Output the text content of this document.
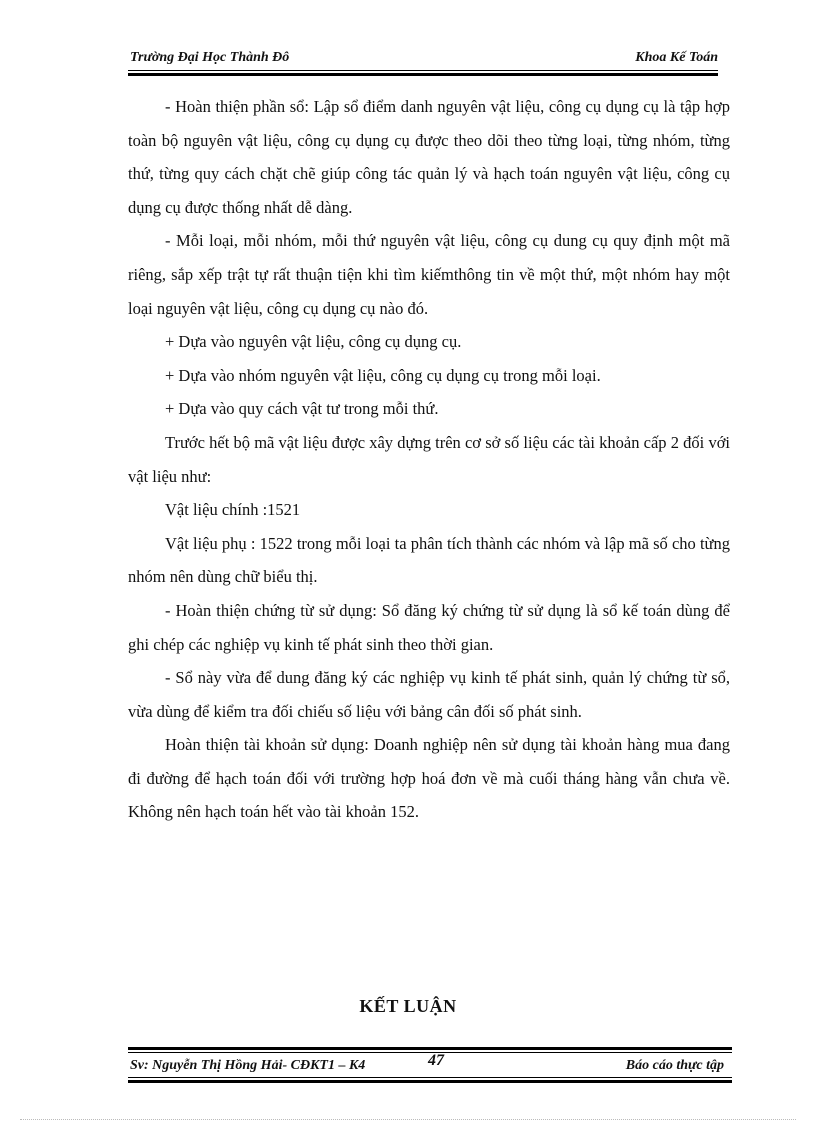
Trường Đại Học Thành Đô	Khoa Kế Toán

- Hoàn thiện phần sổ: Lập sổ điểm danh nguyên vật liệu, công cụ dụng cụ là tập hợp toàn bộ nguyên vật liệu, công cụ dụng cụ được theo dõi theo từng loại, từng nhóm, từng thứ, từng quy cách chặt chẽ giúp công tác quản lý và hạch toán nguyên vật liệu, công cụ dụng cụ được thống nhất dễ dàng.

- Mỗi loại, mỗi nhóm, mỗi thứ nguyên vật liệu, công cụ dung cụ quy định một mã riêng, sắp xếp trật tự rất thuận tiện khi tìm kiếmthông tin về một thứ, một nhóm hay một loại nguyên vật liệu, công cụ dụng cụ nào đó.

+ Dựa vào nguyên vật liệu, công cụ dụng cụ.

+ Dựa vào nhóm nguyên vật liệu, công cụ dụng cụ trong mỗi loại.

+ Dựa vào quy cách vật tư trong mỗi thứ.

Trước hết bộ mã vật liệu được xây dựng trên cơ sở số liệu các tài khoản cấp 2 đối với vật liệu như:

Vật liệu chính :1521

Vật liệu phụ : 1522 trong mỗi loại ta phân tích thành các nhóm và lập mã số cho từng nhóm nên dùng chữ biểu thị.

- Hoàn thiện chứng từ sử dụng: Sổ đăng ký chứng từ sử dụng là sổ kế toán dùng để ghi chép các nghiệp vụ kinh tế phát sinh theo thời gian.

- Sổ này vừa để dung đăng ký các nghiệp vụ kinh tế phát sinh, quản lý chứng từ sổ, vừa dùng để kiểm tra đối chiếu số liệu với bảng cân đối số phát sinh.

Hoàn thiện tài khoản sử dụng: Doanh nghiệp nên sử dụng tài khoản hàng mua đang đi đường để hạch toán đối với trường hợp hoá đơn về mà cuối tháng hàng vẫn chưa về. Không nên hạch toán hết vào tài khoản 152.

KẾT LUẬN
Sv: Nguyễn Thị Hồng Hải- CĐKT1 – K4	47	Báo cáo thực tập
